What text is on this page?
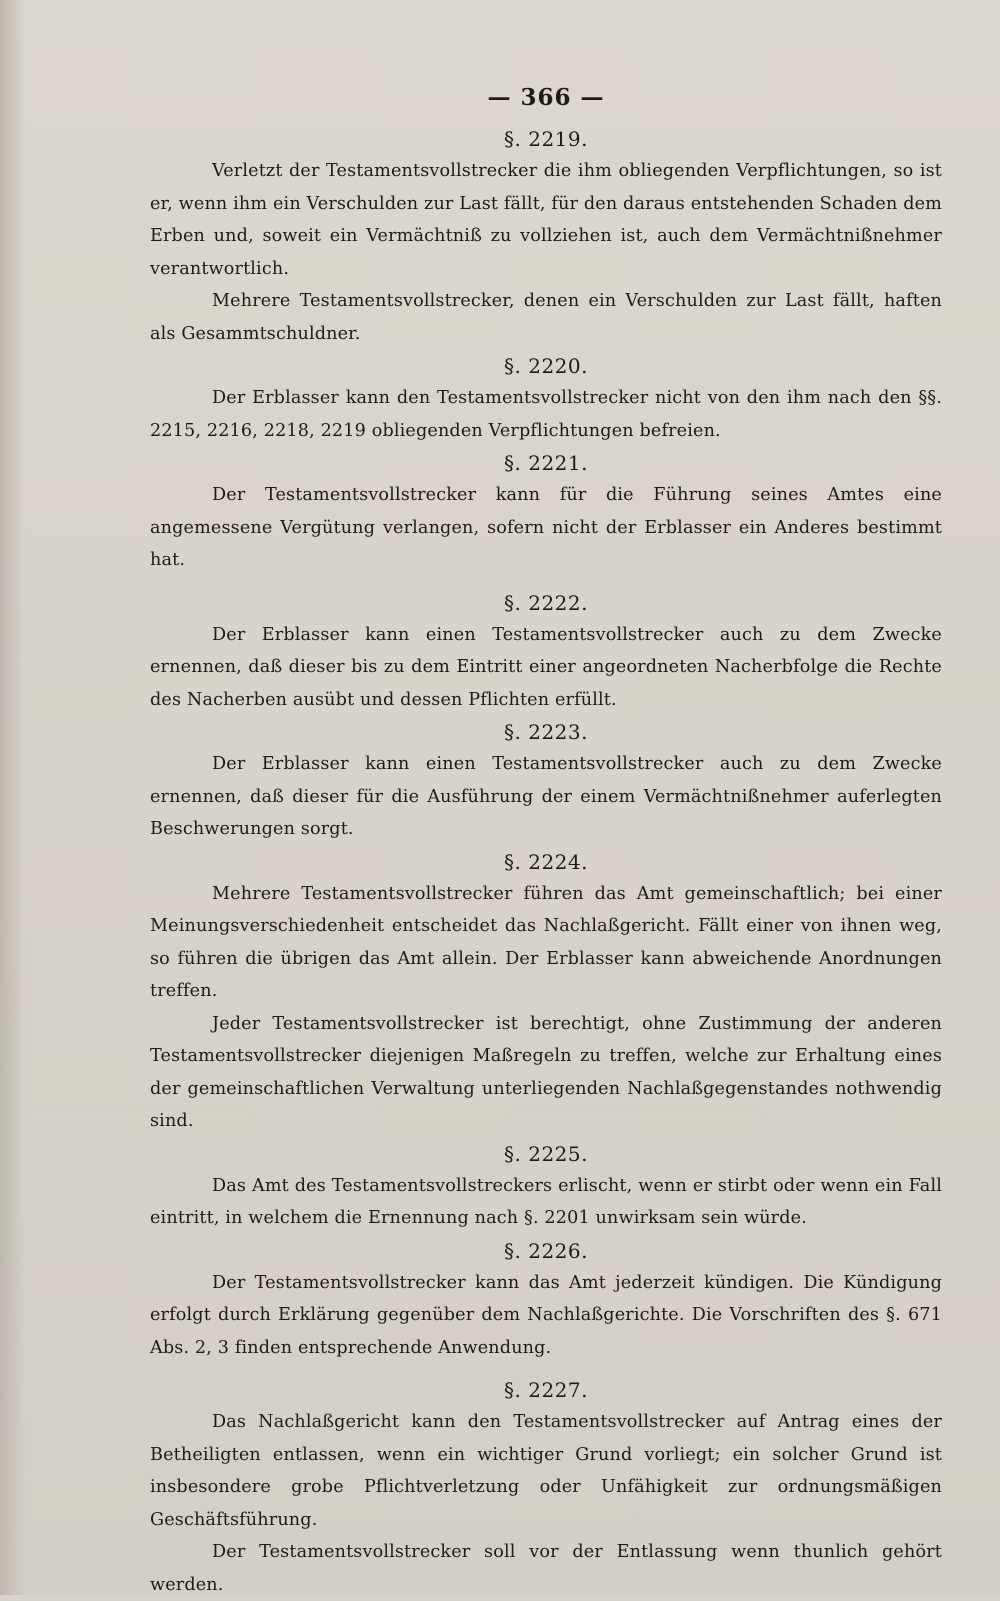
— 366 —
§. 2219.

Verletzt der Testamentsvollstrecker die ihm obliegenden Verpflichtungen, so ist er, wenn ihm ein Verschulden zur Last fällt, für den daraus entstehenden Schaden dem Erben und, soweit ein Vermächtniß zu vollziehen ist, auch dem Vermächtnißnehmer verantwortlich.

Mehrere Testamentsvollstrecker, denen ein Verschulden zur Last fällt, haften als Gesammtschuldner.

§. 2220.

Der Erblasser kann den Testamentsvollstrecker nicht von den ihm nach den §§. 2215, 2216, 2218, 2219 obliegenden Verpflichtungen befreien.

§. 2221.

Der Testamentsvollstrecker kann für die Führung seines Amtes eine angemessene Vergütung verlangen, sofern nicht der Erblasser ein Anderes bestimmt hat.

§. 2222.

Der Erblasser kann einen Testamentsvollstrecker auch zu dem Zwecke ernennen, daß dieser bis zu dem Eintritt einer angeordneten Nacherbfolge die Rechte des Nacherben ausübt und dessen Pflichten erfüllt.

§. 2223.

Der Erblasser kann einen Testamentsvollstrecker auch zu dem Zwecke ernennen, daß dieser für die Ausführung der einem Vermächtnißnehmer auferlegten Beschwerungen sorgt.

§. 2224.

Mehrere Testamentsvollstrecker führen das Amt gemeinschaftlich; bei einer Meinungsverschiedenheit entscheidet das Nachlaßgericht. Fällt einer von ihnen weg, so führen die übrigen das Amt allein. Der Erblasser kann abweichende Anordnungen treffen.

Jeder Testamentsvollstrecker ist berechtigt, ohne Zustimmung der anderen Testamentsvollstrecker diejenigen Maßregeln zu treffen, welche zur Erhaltung eines der gemeinschaftlichen Verwaltung unterliegenden Nachlaßgegenstandes nothwendig sind.

§. 2225.

Das Amt des Testamentsvollstreckers erlischt, wenn er stirbt oder wenn ein Fall eintritt, in welchem die Ernennung nach §. 2201 unwirksam sein würde.

§. 2226.

Der Testamentsvollstrecker kann das Amt jederzeit kündigen. Die Kündigung erfolgt durch Erklärung gegenüber dem Nachlaßgerichte. Die Vorschriften des §. 671 Abs. 2, 3 finden entsprechende Anwendung.

§. 2227.

Das Nachlaßgericht kann den Testamentsvollstrecker auf Antrag eines der Betheiligten entlassen, wenn ein wichtiger Grund vorliegt; ein solcher Grund ist insbesondere grobe Pflichtverletzung oder Unfähigkeit zur ordnungsmäßigen Geschäftsführung.

Der Testamentsvollstrecker soll vor der Entlassung wenn thunlich gehört werden.
